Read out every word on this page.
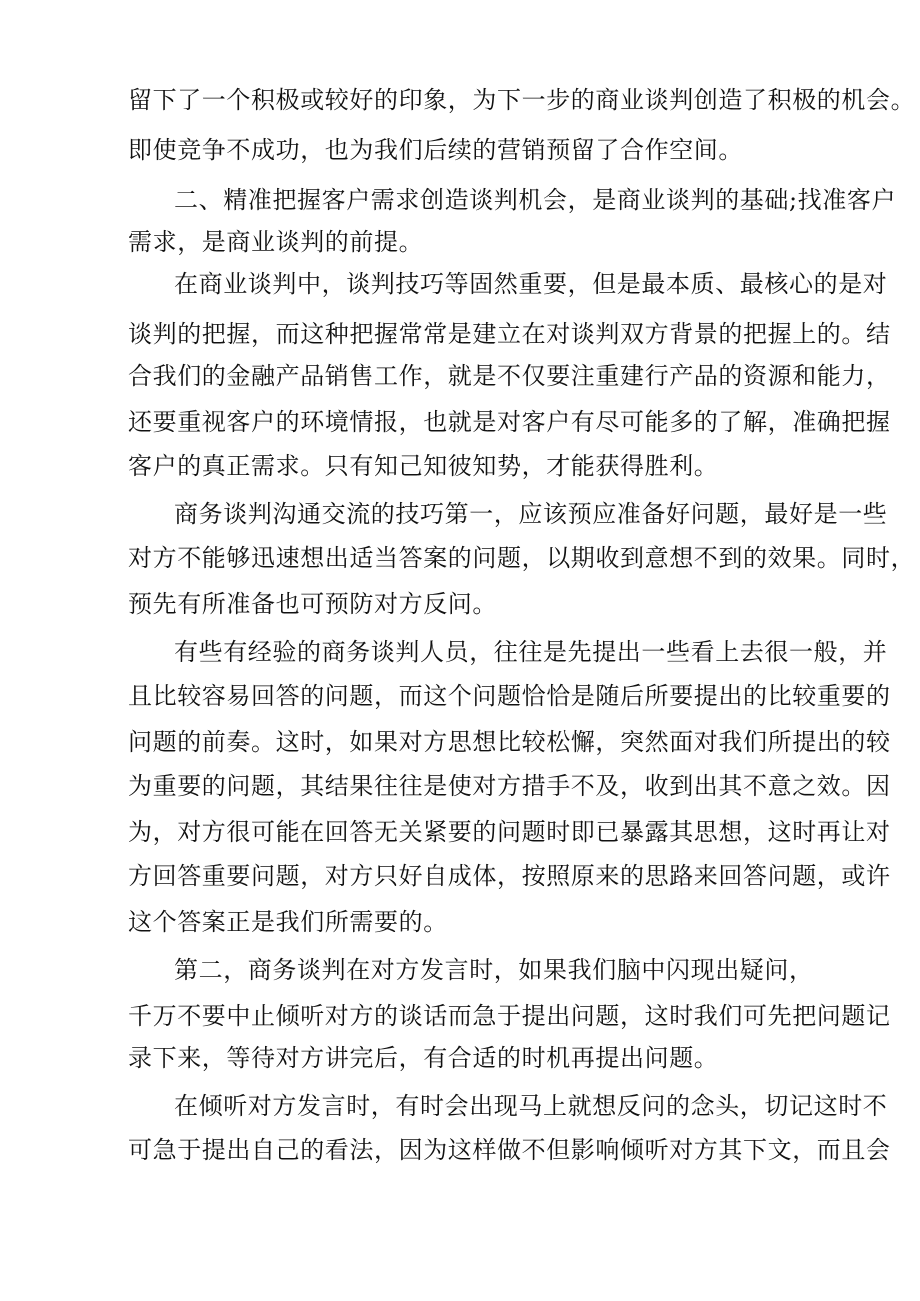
留下了一个积极或较好的印象，为下一步的商业谈判创造了积极的机会。
即使竞争不成功，也为我们后续的营销预留了合作空间。
二、精准把握客户需求创造谈判机会，是商业谈判的基础;找准客户
需求，是商业谈判的前提。
在商业谈判中，谈判技巧等固然重要，但是最本质、最核心的是对
谈判的把握，而这种把握常常是建立在对谈判双方背景的把握上的。结
合我们的金融产品销售工作，就是不仅要注重建行产品的资源和能力，
还要重视客户的环境情报，也就是对客户有尽可能多的了解，准确把握
客户的真正需求。只有知己知彼知势，才能获得胜利。
商务谈判沟通交流的技巧第一，应该预应准备好问题，最好是一些
对方不能够迅速想出适当答案的问题，以期收到意想不到的效果。同时，
预先有所准备也可预防对方反问。
有些有经验的商务谈判人员，往往是先提出一些看上去很一般，并
且比较容易回答的问题，而这个问题恰恰是随后所要提出的比较重要的
问题的前奏。这时，如果对方思想比较松懈，突然面对我们所提出的较
为重要的问题，其结果往往是使对方措手不及，收到出其不意之效。因
为，对方很可能在回答无关紧要的问题时即已暴露其思想，这时再让对
方回答重要问题，对方只好自成体，按照原来的思路来回答问题，或许
这个答案正是我们所需要的。
第二，商务谈判在对方发言时，如果我们脑中闪现出疑问，
千万不要中止倾听对方的谈话而急于提出问题，这时我们可先把问题记
录下来，等待对方讲完后，有合适的时机再提出问题。
在倾听对方发言时，有时会出现马上就想反问的念头，切记这时不
可急于提出自己的看法，因为这样做不但影响倾听对方其下文，而且会
